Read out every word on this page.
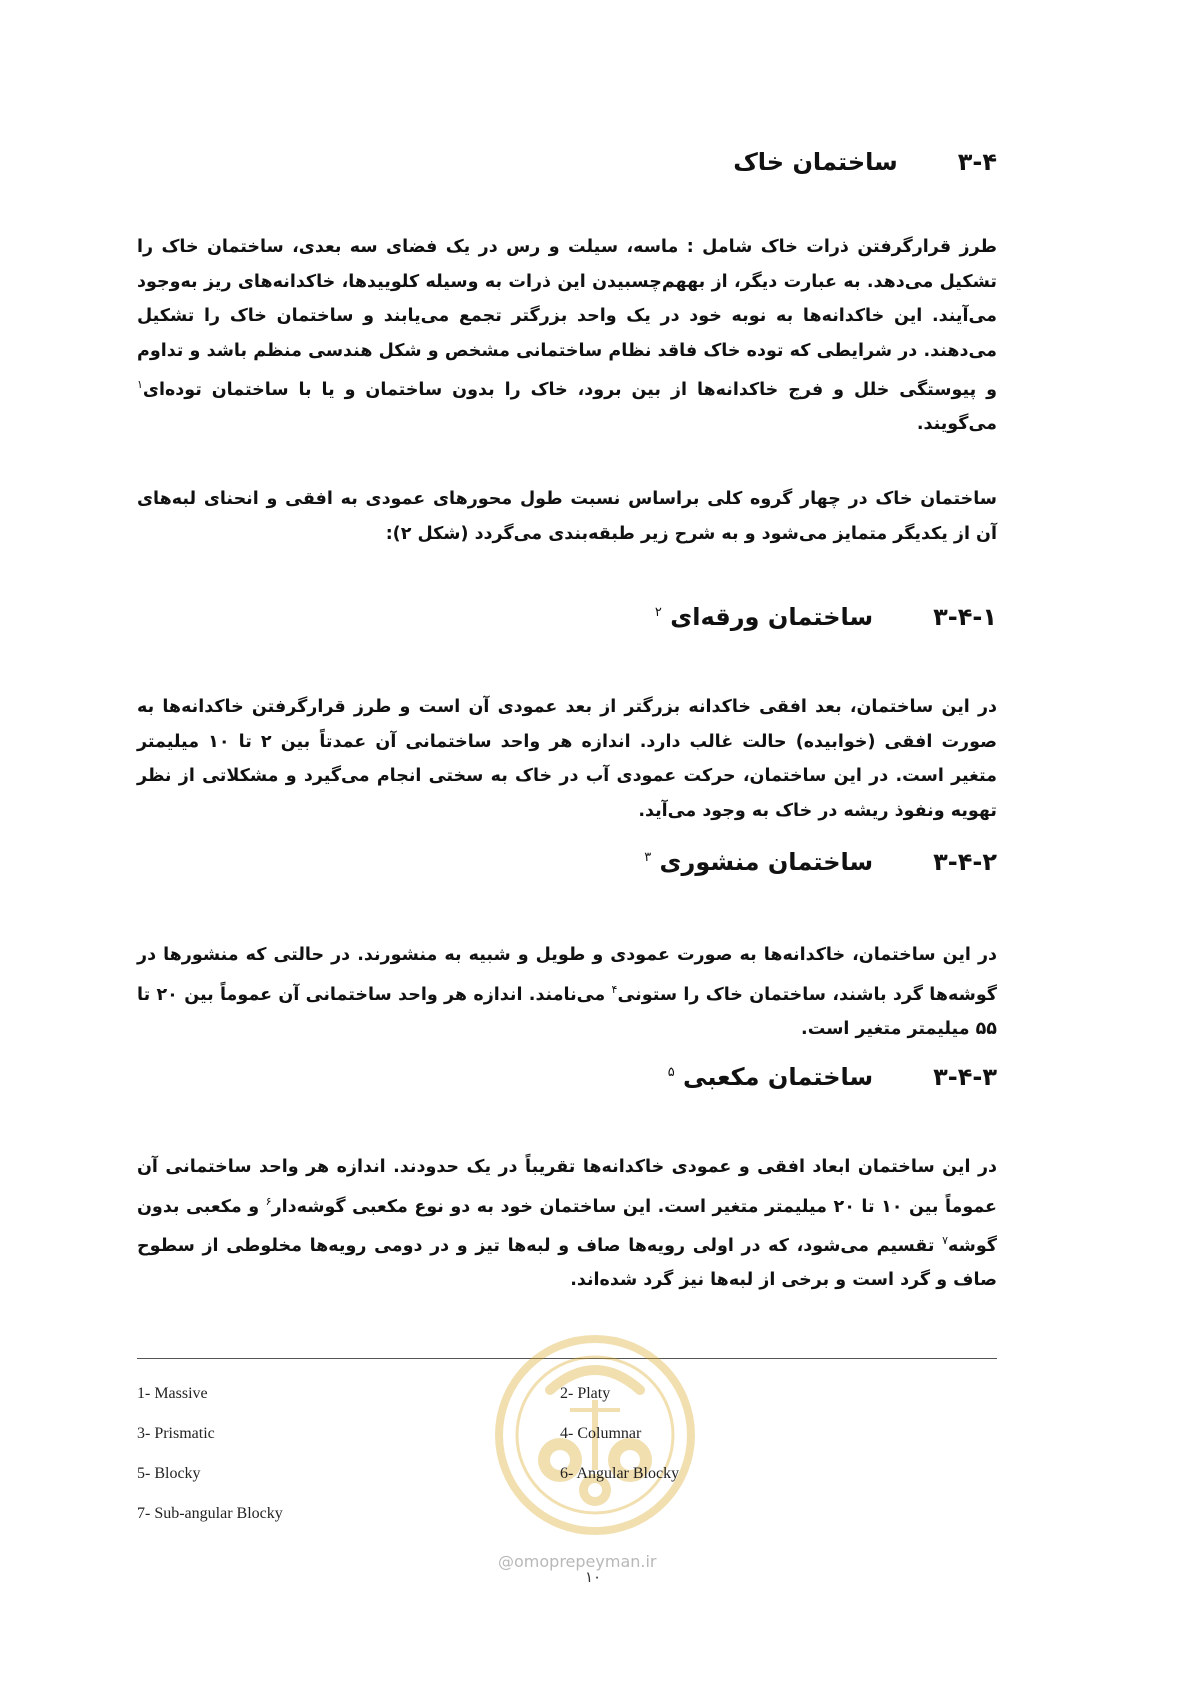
۳-۴
ساختمان خاک
طرز قرارگرفتن ذرات خاک شامل : ماسه، سیلت و رس در یک فضای سه بعدی، ساختمان خاک را تشکیل می‌دهد. به عبارت دیگر، از بههم‌چسبیدن این ذرات به وسیله کلوییدها، خاکدانه‌های ریز به‌وجود می‌آیند. این خاکدانه‌ها به نوبه خود در یک واحد بزرگتر تجمع می‌یابند و ساختمان خاک را تشکیل می‌دهند. در شرایطی که توده خاک فاقد نظام ساختمانی مشخص و شکل هندسی منظم باشد و تداوم و پیوستگی خلل و فرج خاکدانه‌ها از بین برود، خاک را بدون ساختمان و یا با ساختمان توده‌ای$^۱$ می‌گویند.
ساختمان خاک در چهار گروه کلی براساس نسبت طول محورهای عمودی به افقی و انحنای لبه‌های آن از یکدیگر متمایز می‌شود و به شرح زیر طبقه‌بندی می‌گردد (شکل ۲):
۳-۴-۱
ساختمان ورقه‌ای $^۲$
در این ساختمان، بعد افقی خاکدانه بزرگتر از بعد عمودی آن است و طرز قرارگرفتن خاکدانه‌ها به صورت افقی (خوابیده) حالت غالب دارد. اندازه هر واحد ساختمانی آن عمدتاً بین ۲ تا ۱۰ میلیمتر متغیر است. در این ساختمان، حرکت عمودی آب در خاک به سختی انجام می‌گیرد و مشکلاتی از نظر تهویه ونفوذ ریشه در خاک به وجود می‌آید.
۳-۴-۲
ساختمان منشوری $^۳$
در این ساختمان، خاکدانه‌ها به صورت عمودی و طویل و شبیه به منشورند. در حالتی که منشورها در گوشه‌ها گرد باشند، ساختمان خاک را ستونی$^۴$ می‌نامند. اندازه هر واحد ساختمانی آن عموماً بین ۲۰ تا ۵۵ میلیمتر متغیر است.
۳-۴-۳
ساختمان مکعبی $^۵$
در این ساختمان ابعاد افقی و عمودی خاکدانه‌ها تقریباً در یک حدودند. اندازه هر واحد ساختمانی آن عموماً بین ۱۰ تا ۲۰ میلیمتر متغیر است. این ساختمان خود به دو نوع مکعبی گوشه‌دار$^۶$ و مکعبی بدون گوشه$^۷$ تقسیم می‌شود، که در اولی رویه‌ها صاف و لبه‌ها تیز و در دومی رویه‌ها مخلوطی از سطوح صاف و گرد است و برخی از لبه‌ها نیز گرد شده‌اند.
1- Massive
3- Prismatic
5- Blocky
7- Sub-angular Blocky
2- Platy
4- Columnar
6- Angular Blocky
@omoprepeyman.ir
۱۰
